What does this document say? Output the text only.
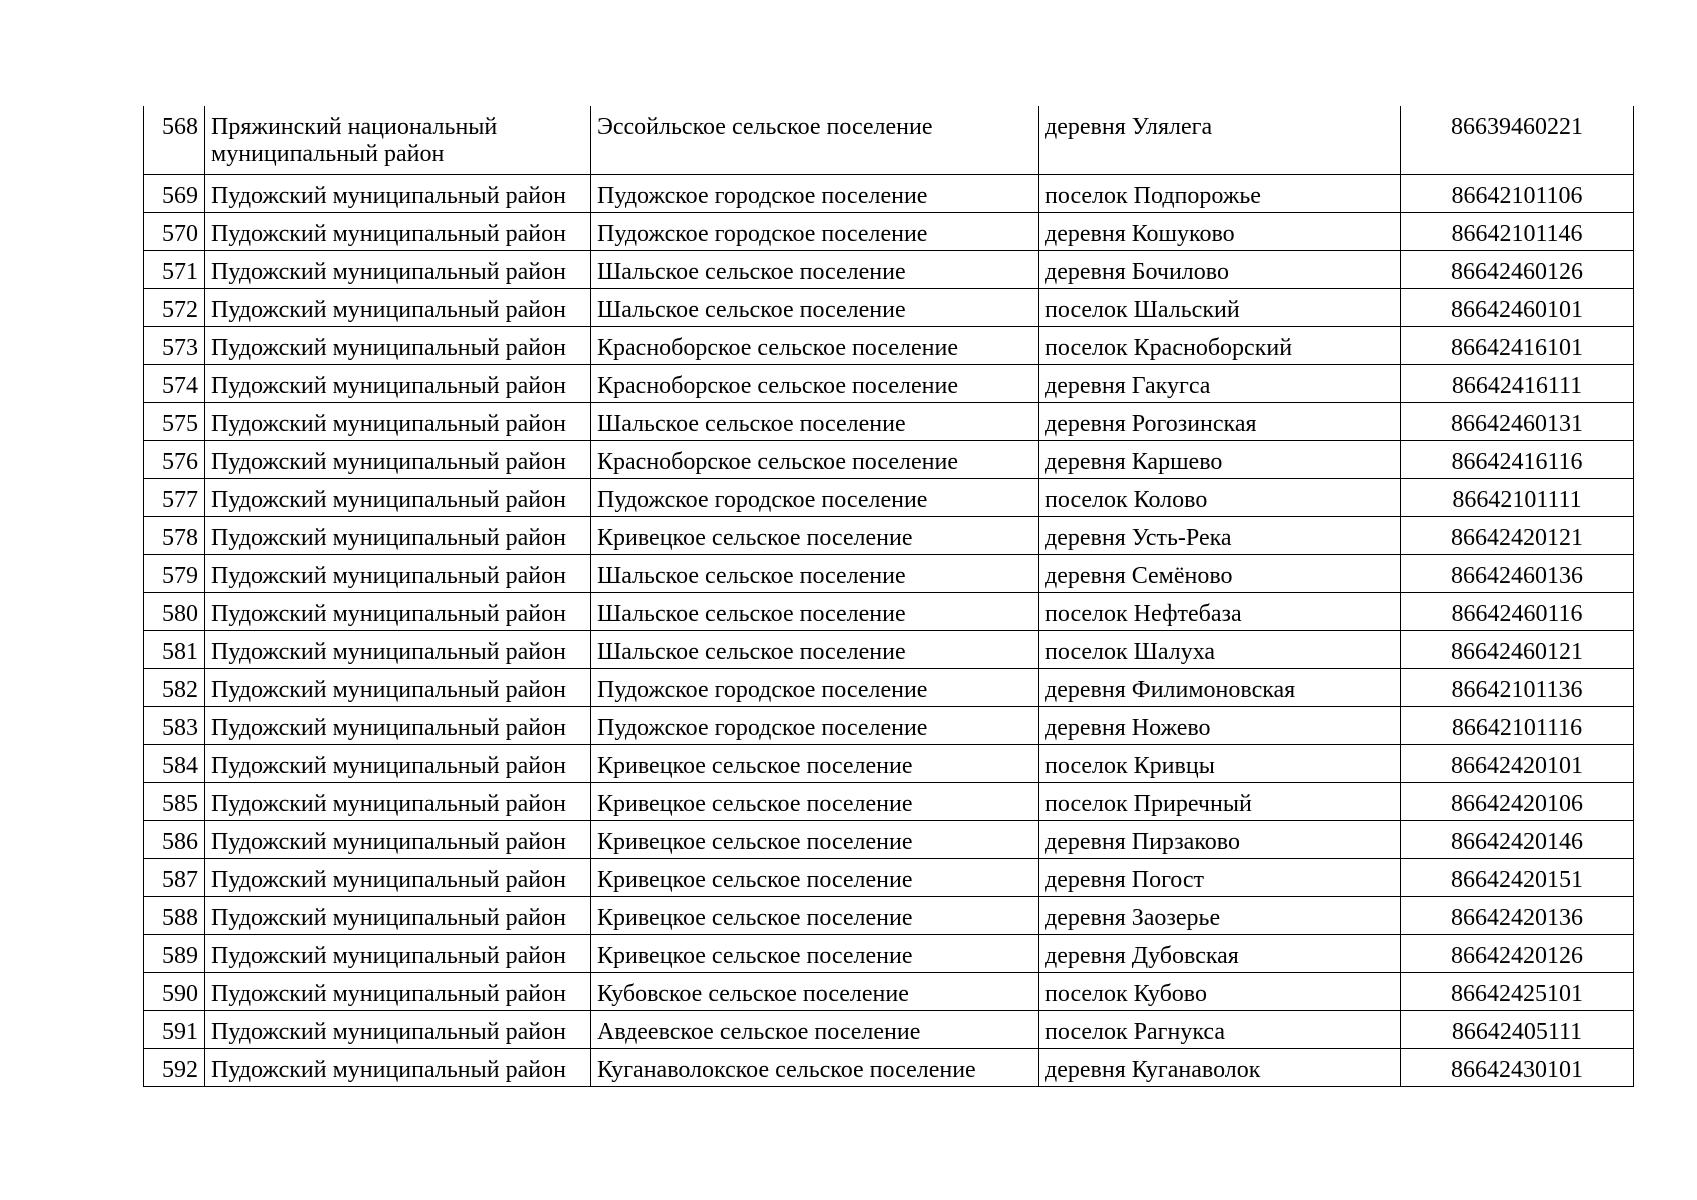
568	Пряжинский национальный муниципальный район	Эссойльское сельское поселение	деревня Улялега	86639460221
569	Пудожский муниципальный район	Пудожское городское поселение	поселок Подпорожье	86642101106
570	Пудожский муниципальный район	Пудожское городское поселение	деревня Кошуково	86642101146
571	Пудожский муниципальный район	Шальское сельское поселение	деревня Бочилово	86642460126
572	Пудожский муниципальный район	Шальское сельское поселение	поселок Шальский	86642460101
573	Пудожский муниципальный район	Красноборское сельское поселение	поселок Красноборский	86642416101
574	Пудожский муниципальный район	Красноборское сельское поселение	деревня Гакугса	86642416111
575	Пудожский муниципальный район	Шальское сельское поселение	деревня Рогозинская	86642460131
576	Пудожский муниципальный район	Красноборское сельское поселение	деревня Каршево	86642416116
577	Пудожский муниципальный район	Пудожское городское поселение	поселок Колово	86642101111
578	Пудожский муниципальный район	Кривецкое сельское поселение	деревня Усть-Река	86642420121
579	Пудожский муниципальный район	Шальское сельское поселение	деревня Семёново	86642460136
580	Пудожский муниципальный район	Шальское сельское поселение	поселок Нефтебаза	86642460116
581	Пудожский муниципальный район	Шальское сельское поселение	поселок Шалуха	86642460121
582	Пудожский муниципальный район	Пудожское городское поселение	деревня Филимоновская	86642101136
583	Пудожский муниципальный район	Пудожское городское поселение	деревня Ножево	86642101116
584	Пудожский муниципальный район	Кривецкое сельское поселение	поселок Кривцы	86642420101
585	Пудожский муниципальный район	Кривецкое сельское поселение	поселок Приречный	86642420106
586	Пудожский муниципальный район	Кривецкое сельское поселение	деревня Пирзаково	86642420146
587	Пудожский муниципальный район	Кривецкое сельское поселение	деревня Погост	86642420151
588	Пудожский муниципальный район	Кривецкое сельское поселение	деревня Заозерье	86642420136
589	Пудожский муниципальный район	Кривецкое сельское поселение	деревня Дубовская	86642420126
590	Пудожский муниципальный район	Кубовское сельское поселение	поселок Кубово	86642425101
591	Пудожский муниципальный район	Авдеевское сельское поселение	поселок Рагнукса	86642405111
592	Пудожский муниципальный район	Куганаволокское сельское поселение	деревня Куганаволок	86642430101
